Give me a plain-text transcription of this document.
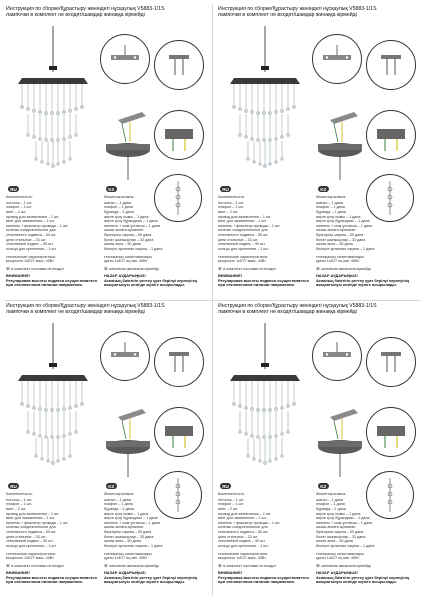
Инструкция по сборке/Құрастыру жөніндегі нұсқаулық V5883-1/1S
лампочки в комплект не входят/шамдар жинаққа кірмейді
RU	KZ
Комплектность:
потолок – 1 шт.
плафон – 1 шт.
винт – 2 шт.
провод для заземления – 1 шт.
винт для заземления – 1 шт.
ниппель + фиксатор провода – 1 шт.
колечко соединительное для
стеклянного подвеса – 50 шт.
цепи стальные – 33 шт.
стеклянный подвес – 90 шт.
кольцо для крепления – 1 шт.
технические характеристики:
мощность 1xE27 макс. 40Вт
⊗ в комплект поставки не входит
Жиынтықтылығы:
шатыл – 1 дана
плафон – 1 дана
бұранда – 2 дана
жерге қосу сымы – 1 дана
жерге қосу бұрандасы – 1 дана
ниппель + сым ұстағыш – 1 дана
шыны аспаға арналған
біріктіргіш сақина – 50 дана
болат шынжырлар – 33 дана
шыны аспа – 90 дана
бекітуге арналған сақина – 1 дана
техникалық сипаттамалары:
қуаты 1xE27 ең көп. 40Вт
⊗ жеткізілім жинағына кірмейді
ВНИМАНИЕ!
Регулировка высоты подвеса осуществляется
при отключенном питании напряжения.
НАЗАР АУДАРЫҢЫЗ!
Аспаның биіктігін реттеу қуат берілуі кернеуінің
ажыратылуы кезінде жүзеге асырылады.
Инструкция по сборке/Құрастыру жөніндегі нұсқаулық V5883-1/1S
лампочки в комплект не входят/шамдар жинаққа кірмейді
RU	KZ
Комплектность:
потолок – 1 шт.
плафон – 1 шт.
винт – 2 шт.
провод для заземления – 1 шт.
винт для заземления – 1 шт.
ниппель + фиксатор провода – 1 шт.
колечко соединительное для
стеклянного подвеса – 50 шт.
цепи стальные – 33 шт.
стеклянный подвес – 90 шт.
кольцо для крепления – 1 шт.
технические характеристики:
мощность 1xE27 макс. 40Вт
⊗ в комплект поставки не входит
Жиынтықтылығы:
шатыл – 1 дана
плафон – 1 дана
бұранда – 2 дана
жерге қосу сымы – 1 дана
жерге қосу бұрандасы – 1 дана
ниппель + сым ұстағыш – 1 дана
шыны аспаға арналған
біріктіргіш сақина – 50 дана
болат шынжырлар – 33 дана
шыны аспа – 90 дана
бекітуге арналған сақина – 1 дана
техникалық сипаттамалары:
қуаты 1xE27 ең көп. 40Вт
⊗ жеткізілім жинағына кірмейді
ВНИМАНИЕ!
Регулировка высоты подвеса осуществляется
при отключенном питании напряжения.
НАЗАР АУДАРЫҢЫЗ!
Аспаның биіктігін реттеу қуат берілуі кернеуінің
ажыратылуы кезінде жүзеге асырылады.
Инструкция по сборке/Құрастыру жөніндегі нұсқаулық V5883-1/1S
лампочки в комплект не входят/шамдар жинаққа кірмейді
RU	KZ
Комплектность:
потолок – 1 шт.
плафон – 1 шт.
винт – 2 шт.
провод для заземления – 1 шт.
винт для заземления – 1 шт.
ниппель + фиксатор провода – 1 шт.
колечко соединительное для
стеклянного подвеса – 50 шт.
цепи стальные – 33 шт.
стеклянный подвес – 90 шт.
кольцо для крепления – 1 шт.
технические характеристики:
мощность 1xE27 макс. 40Вт
⊗ в комплект поставки не входит
Жиынтықтылығы:
шатыл – 1 дана
плафон – 1 дана
бұранда – 2 дана
жерге қосу сымы – 1 дана
жерге қосу бұрандасы – 1 дана
ниппель + сым ұстағыш – 1 дана
шыны аспаға арналған
біріктіргіш сақина – 50 дана
болат шынжырлар – 33 дана
шыны аспа – 90 дана
бекітуге арналған сақина – 1 дана
техникалық сипаттамалары:
қуаты 1xE27 ең көп. 40Вт
⊗ жеткізілім жинағына кірмейді
ВНИМАНИЕ!
Регулировка высоты подвеса осуществляется
при отключенном питании напряжения.
НАЗАР АУДАРЫҢЫЗ!
Аспаның биіктігін реттеу қуат берілуі кернеуінің
ажыратылуы кезінде жүзеге асырылады.
Инструкция по сборке/Құрастыру жөніндегі нұсқаулық V5883-1/1S
лампочки в комплект не входят/шамдар жинаққа кірмейді
RU	KZ
Комплектность:
потолок – 1 шт.
плафон – 1 шт.
винт – 2 шт.
провод для заземления – 1 шт.
винт для заземления – 1 шт.
ниппель + фиксатор провода – 1 шт.
колечко соединительное для
стеклянного подвеса – 50 шт.
цепи стальные – 33 шт.
стеклянный подвес – 90 шт.
кольцо для крепления – 1 шт.
технические характеристики:
мощность 1xE27 макс. 40Вт
⊗ в комплект поставки не входит
Жиынтықтылығы:
шатыл – 1 дана
плафон – 1 дана
бұранда – 2 дана
жерге қосу сымы – 1 дана
жерге қосу бұрандасы – 1 дана
ниппель + сым ұстағыш – 1 дана
шыны аспаға арналған
біріктіргіш сақина – 50 дана
болат шынжырлар – 33 дана
шыны аспа – 90 дана
бекітуге арналған сақина – 1 дана
техникалық сипаттамалары:
қуаты 1xE27 ең көп. 40Вт
⊗ жеткізілім жинағына кірмейді
ВНИМАНИЕ!
Регулировка высоты подвеса осуществляется
при отключенном питании напряжения.
НАЗАР АУДАРЫҢЫЗ!
Аспаның биіктігін реттеу қуат берілуі кернеуінің
ажыратылуы кезінде жүзеге асырылады.
